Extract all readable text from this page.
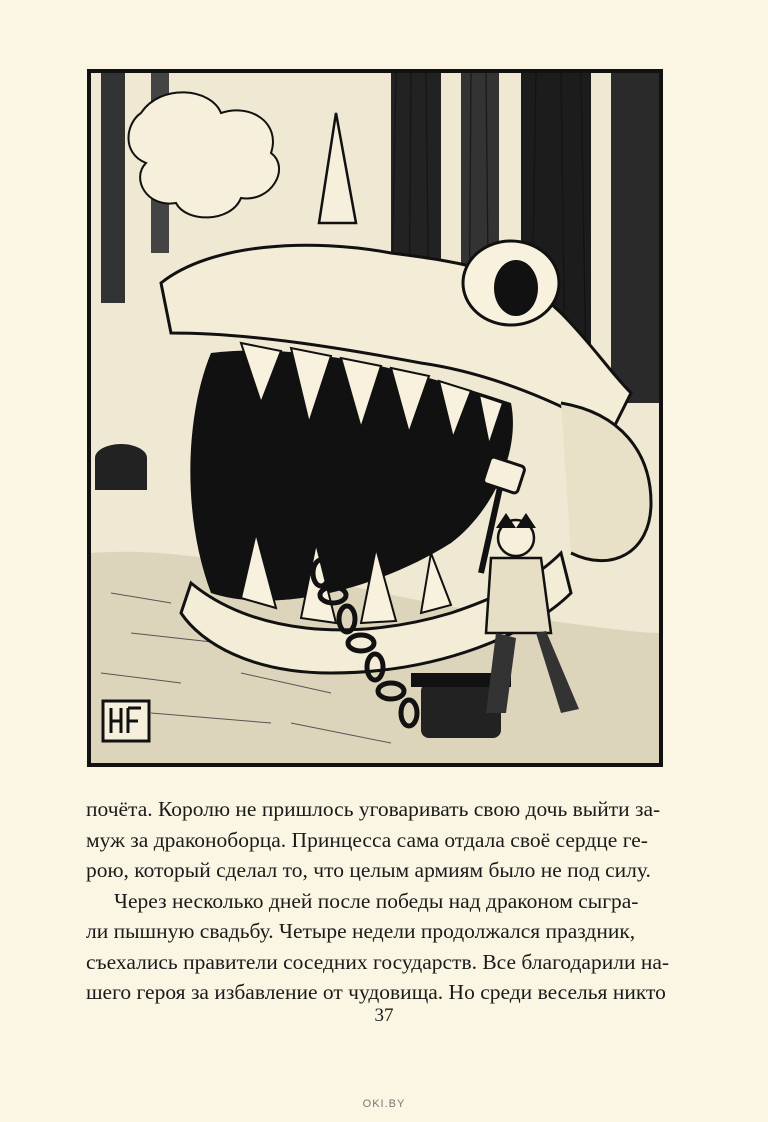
почёта. Королю не пришлось уговаривать свою дочь выйти за-
муж за драконоборца. Принцесса сама отдала своё сердце ге-
рою, который сделал то, что целым армиям было не под силу.

Через несколько дней после победы над драконом сыгра-
ли пышную свадьбу. Четыре недели продолжался праздник,
съехались правители соседних государств. Все благодарили на-
шего героя за избавление от чудовища. Но среди веселья никто

37
OKI.BY
